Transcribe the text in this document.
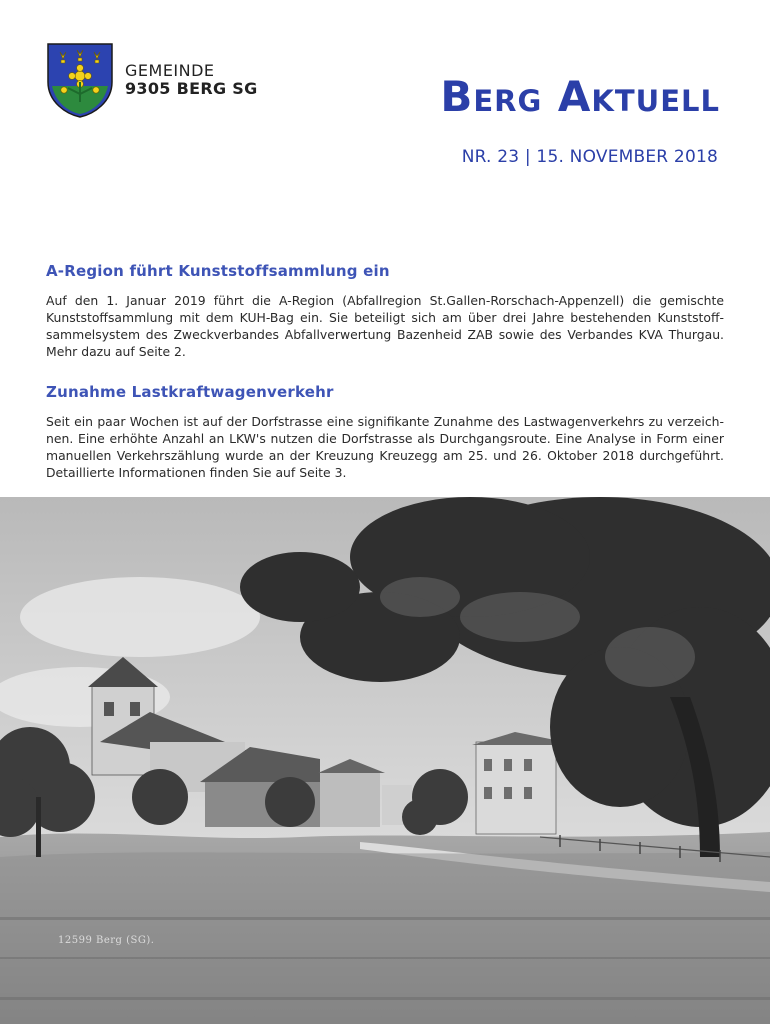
GEMEINDE
9305 BERG SG	Berg Aktuell
NR. 23 | 15. NOVEMBER 2018
A-Region führt Kunststoffsammlung ein

Auf den 1. Januar 2019 führt die A-Region (Abfallregion St.Gallen-Rorschach-Appenzell) die gemischte Kunststoffsammlung mit dem KUH-Bag ein. Sie beteiligt sich am über drei Jahre bestehenden Kunststoff-sammelsystem des Zweckverbandes Abfallverwertung Bazenheid ZAB sowie des Verbandes KVA Thurgau. Mehr dazu auf Seite 2.

Zunahme Lastkraftwagenverkehr

Seit ein paar Wochen ist auf der Dorfstrasse eine signifikante Zunahme des Lastwagenverkehrs zu verzeich-nen. Eine erhöhte Anzahl an LKW's nutzen die Dorfstrasse als Durchgangsroute. Eine Analyse in Form einer manuellen Verkehrszählung wurde an der Kreuzung Kreuzegg am 25. und 26. Oktober 2018 durchgeführt. Detaillierte Informationen finden Sie auf Seite 3.

12599 Berg (SG).
